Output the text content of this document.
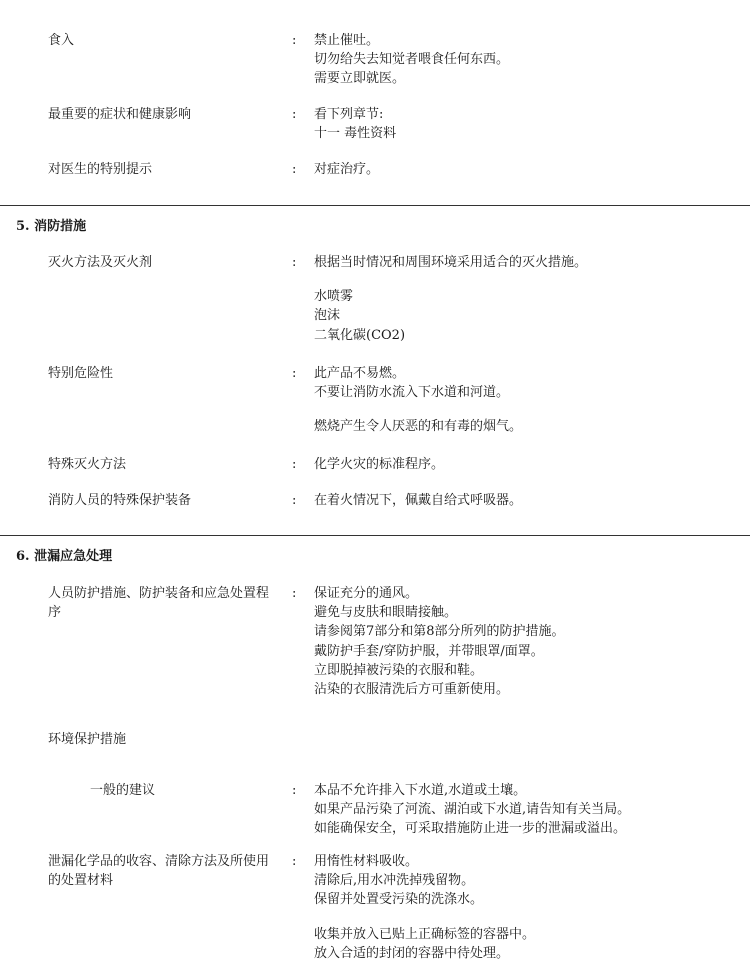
食入	: 禁止催吐。
切勿给失去知觉者喂食任何东西。
需要立即就医。
最重要的症状和健康影响	: 看下列章节:
十一 毒性资料
对医生的特别提示	: 对症治疗。
5. 消防措施
灭火方法及灭火剂	: 根据当时情况和周围环境采用适合的灭火措施。
水喷雾
泡沫
二氧化碳(CO2)
特别危险性	: 此产品不易燃。
不要让消防水流入下水道和河道。
燃烧产生令人厌恶的和有毒的烟气。
特殊灭火方法	: 化学火灾的标准程序。
消防人员的特殊保护装备	: 在着火情况下，佩戴自给式呼吸器。
6. 泄漏应急处理
人员防护措施、防护装备和应急处置程序
: 保证充分的通风。
避免与皮肤和眼睛接触。
请参阅第7部分和第8部分所列的防护措施。
戴防护手套/穿防护服，并带眼罩/面罩。
立即脱掉被污染的衣服和鞋。
沾染的衣服清洗后方可重新使用。
环境保护措施
一般的建议	: 本品不允许排入下水道,水道或土壤。
如果产品污染了河流、湖泊或下水道,请告知有关当局。
如能确保安全，可采取措施防止进一步的泄漏或溢出。
泄漏化学品的收容、清除方法及所使用的处置材料
: 用惰性材料吸收。
清除后,用水冲洗掉残留物。
保留并处置受污染的洗涤水。
收集并放入已贴上正确标签的容器中。
放入合适的封闭的容器中待处理。
